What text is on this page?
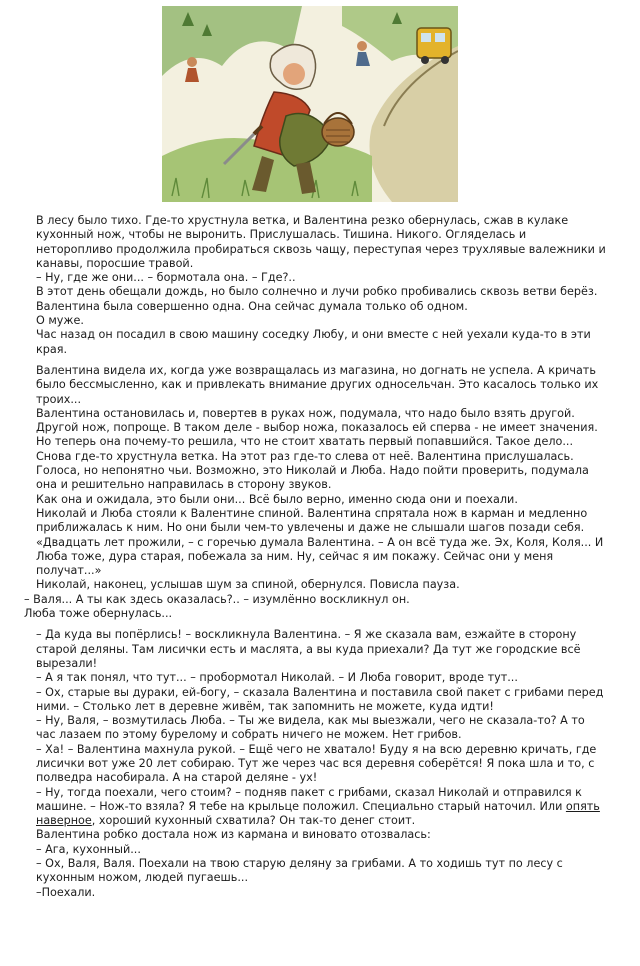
В лесу было тихо. Где-то хрустнула ветка, и Валентина резко обернулась, сжав в кулаке кухонный нож, чтобы не выронить. Прислушалась. Тишина. Никого. Огляделась и неторопливо продолжила пробираться сквозь чащу, переступая через трухлявые валежники и канавы, поросшие травой.

– Ну, где же они... – бормотала она. – Где?..

В этот день обещали дождь, но было солнечно и лучи робко пробивались сквозь ветви берёз. Валентина была совершенно одна. Она сейчас думала только об одном.

О муже.

Час назад он посадил в свою машину соседку Любу, и они вместе с ней уехали куда-то в эти края.

Валентина видела их, когда уже возвращалась из магазина, но догнать не успела. А кричать было бессмысленно, как и привлекать внимание других односельчан. Это касалось только их троих...

Валентина остановилась и, повертев в руках нож, подумала, что надо было взять другой. Другой нож, попроще. В таком деле - выбор ножа, показалось ей сперва - не имеет значения. Но теперь она почему-то решила, что не стоит хватать первый попавшийся. Такое дело...

Снова где-то хрустнула ветка. На этот раз где-то слева от неё. Валентина прислушалась. Голоса, но непонятно чьи. Возможно, это Николай и Люба. Надо пойти проверить, подумала она и решительно направилась в сторону звуков.

Как она и ожидала, это были они... Всё было верно, именно сюда они и поехали.

Николай и Люба стояли к Валентине спиной. Валентина спрятала нож в карман и медленно приближалась к ним. Но они были чем-то увлечены и даже не слышали шагов позади себя.

«Двадцать лет прожили, – с горечью думала Валентина. – А он всё туда же. Эх, Коля, Коля... И Люба тоже, дура старая, побежала за ним. Ну, сейчас я им покажу. Сейчас они у меня получат...»

Николай, наконец, услышав шум за спиной, обернулся. Повисла пауза.

– Валя... А ты как здесь оказалась?.. – изумлённо воскликнул он.

Люба тоже обернулась...

– Да куда вы попёрлись! – воскликнула Валентина. – Я же сказала вам, езжайте в сторону старой деляны. Там лисички есть и маслята, а вы куда приехали? Да тут же городские всё вырезали!

– А я так понял, что тут... – пробормотал Николай. – И Люба говорит, вроде тут...

– Ох, старые вы дураки, ей-богу, – сказала Валентина и поставила свой пакет с грибами перед ними. – Столько лет в деревне живём, так запомнить не можете, куда идти!

– Ну, Валя, – возмутилась Люба. – Ты же видела, как мы выезжали, чего не сказала-то? А то час лазаем по этому бурелому и собрать ничего не можем. Нет грибов.

– Ха! – Валентина махнула рукой. – Ещё чего не хватало! Буду я на всю деревню кричать, где лисички вот уже 20 лет собираю. Тут же через час вся деревня соберётся! Я пока шла и то, с полведра насобирала. А на старой деляне - ух!

– Ну, тогда поехали, чего стоим? – подняв пакет с грибами, сказал Николай и отправился к машине. – Нож-то взяла? Я тебе на крыльце положил. Специально старый наточил. Или опять наверное, хороший кухонный схватила? Он так-то денег стоит.

Валентина робко достала нож из кармана и виновато отозвалась:

– Ага, кухонный...

– Ох, Валя, Валя. Поехали на твою старую деляну за грибами. А то ходишь тут по лесу с кухонным ножом, людей пугаешь...

–Поехали.
